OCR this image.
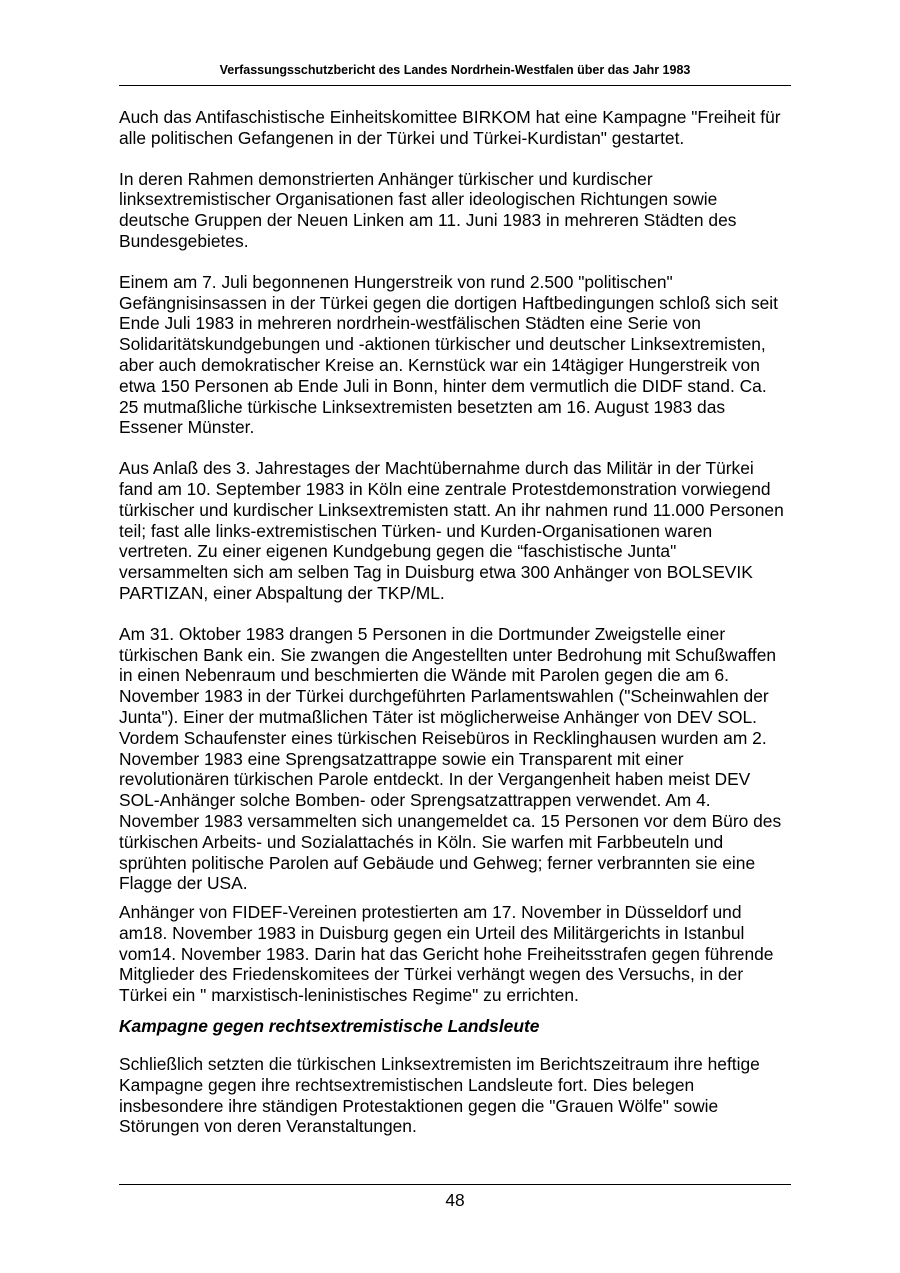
Verfassungsschutzbericht des Landes Nordrhein-Westfalen über das Jahr 1983

Auch das Antifaschistische Einheitskomittee BIRKOM hat eine Kampagne "Freiheit für alle politischen Gefangenen in der Türkei und Türkei-Kurdistan" gestartet.

In deren Rahmen demonstrierten Anhänger türkischer und kurdischer linksextremistischer Organisationen fast aller ideologischen Richtungen sowie deutsche Gruppen der Neuen Linken am 11. Juni 1983 in mehreren Städten des Bundesgebietes.

Einem am 7. Juli begonnenen Hungerstreik von rund 2.500 "politischen" Gefängnisinsassen in der Türkei gegen die dortigen Haftbedingungen schloß sich seit Ende Juli 1983 in mehreren nordrhein-westfälischen Städten eine Serie von Solidaritätskundgebungen und -aktionen türkischer und deutscher Linksextremisten, aber auch demokratischer Kreise an. Kernstück war ein 14tägiger Hungerstreik von etwa 150 Personen ab Ende Juli in Bonn, hinter dem vermutlich die DIDF stand. Ca. 25 mutmaßliche türkische Linksextremisten besetzten am 16. August 1983 das Essener Münster.

Aus Anlaß des 3. Jahrestages der Machtübernahme durch das Militär in der Türkei fand am 10. September 1983 in Köln eine zentrale Protestdemonstration vorwiegend türkischer und kurdischer Linksextremisten statt. An ihr nahmen rund 11.000 Personen teil; fast alle links-extremistischen Türken- und Kurden-Organisationen waren vertreten. Zu einer eigenen Kundgebung gegen die “faschistische Junta" versammelten sich am selben Tag in Duisburg etwa 300 Anhänger von BOLSEVIK PARTIZAN, einer Abspaltung der TKP/ML.

Am 31. Oktober 1983 drangen 5 Personen in die Dortmunder Zweigstelle einer türkischen Bank ein. Sie zwangen die Angestellten unter Bedrohung mit Schußwaffen in einen Nebenraum und beschmierten die Wände mit Parolen gegen die am 6. November 1983 in der Türkei durchgeführten Parlamentswahlen ("Scheinwahlen der Junta"). Einer der mutmaßlichen Täter ist möglicherweise Anhänger von DEV SOL. Vordem Schaufenster eines türkischen Reisebüros in Recklinghausen wurden am 2. November 1983 eine Sprengsatzattrappe sowie ein Transparent mit einer revolutionären türkischen Parole entdeckt. In der Vergangenheit haben meist DEV SOL-Anhänger solche Bomben- oder Sprengsatzattrappen verwendet. Am 4. November 1983 versammelten sich unangemeldet ca. 15 Personen vor dem Büro des türkischen Arbeits- und Sozialattachés in Köln. Sie warfen mit Farbbeuteln und sprühten politische Parolen auf Gebäude und Gehweg; ferner verbrannten sie eine Flagge der USA.

Anhänger von FIDEF-Vereinen protestierten am 17. November in Düsseldorf und am18. November 1983 in Duisburg gegen ein Urteil des Militärgerichts in Istanbul vom14. November 1983. Darin hat das Gericht hohe Freiheitsstrafen gegen führende Mitglieder des Friedenskomitees der Türkei verhängt wegen des Versuchs, in der Türkei ein " marxistisch-leninistisches Regime" zu errichten.

Kampagne gegen rechtsextremistische Landsleute

Schließlich setzten die türkischen Linksextremisten im Berichtszeitraum ihre heftige Kampagne gegen ihre rechtsextremistischen Landsleute fort. Dies belegen insbesondere ihre ständigen Protestaktionen gegen die "Grauen Wölfe" sowie Störungen von deren Veranstaltungen.

48
